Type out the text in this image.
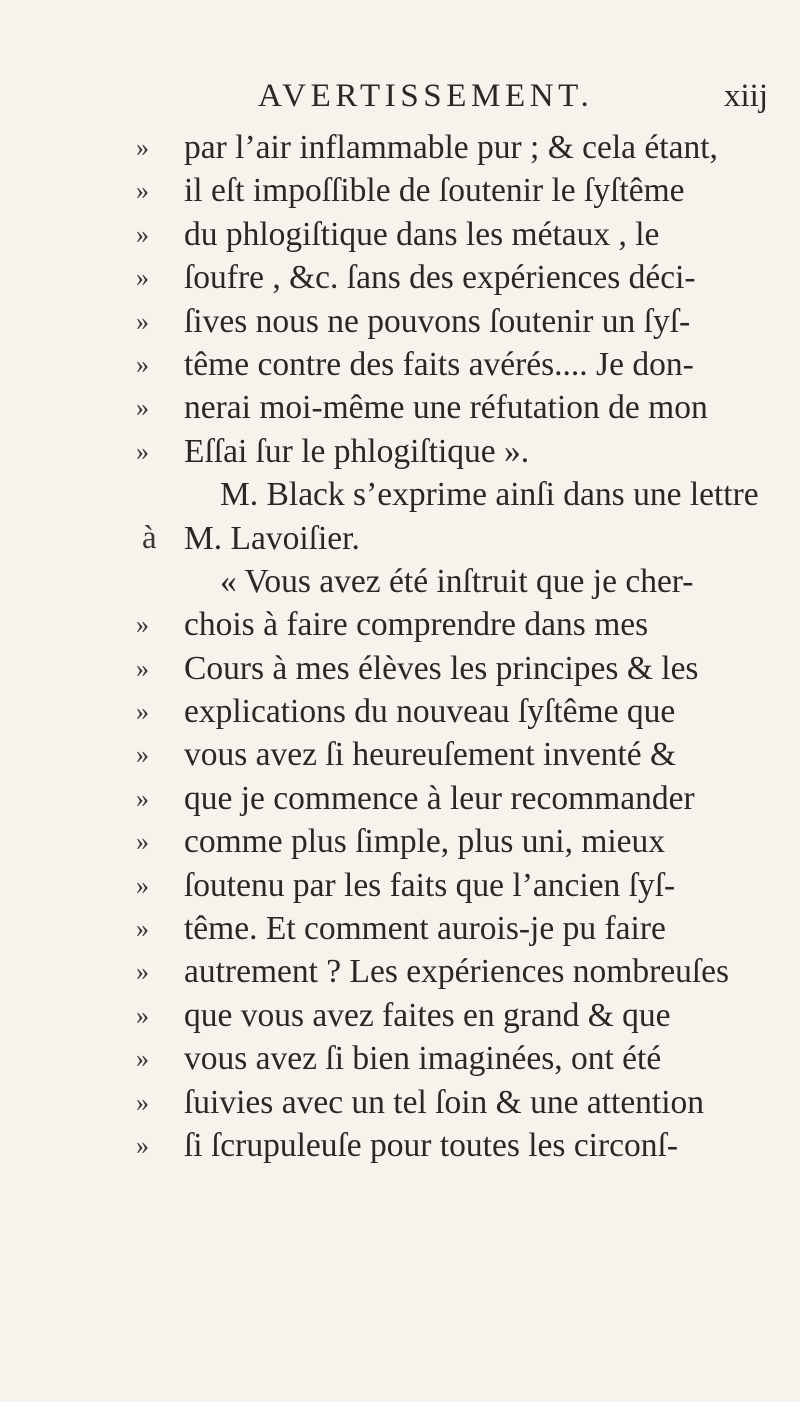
AVERTISSEMENT.	xiij
» par l’air inflammable pur ; & cela étant,
» il eſt impoſſible de ſoutenir le ſyſtême
» du phlogiſtique dans les métaux , le
» ſoufre , &c. ſans des expériences déci-
» ſives nous ne pouvons ſoutenir un ſyſ-
» tême contre des faits avérés.... Je don-
» nerai moi-même une réfutation de mon
» Eſſai ſur le phlogiſtique ».
M. Black s’exprime ainſi dans une lettre
à M. Lavoiſier.
« Vous avez été inſtruit que je cher-
» chois à faire comprendre dans mes
» Cours à mes élèves les principes & les
» explications du nouveau ſyſtême que
» vous avez ſi heureuſement inventé &
» que je commence à leur recommander
» comme plus ſimple, plus uni, mieux
» ſoutenu par les faits que l’ancien ſyſ-
» tême. Et comment aurois-je pu faire
» autrement ? Les expériences nombreuſes
» que vous avez faites en grand & que
» vous avez ſi bien imaginées, ont été
» ſuivies avec un tel ſoin & une attention
» ſi ſcrupuleuſe pour toutes les circonſ-
